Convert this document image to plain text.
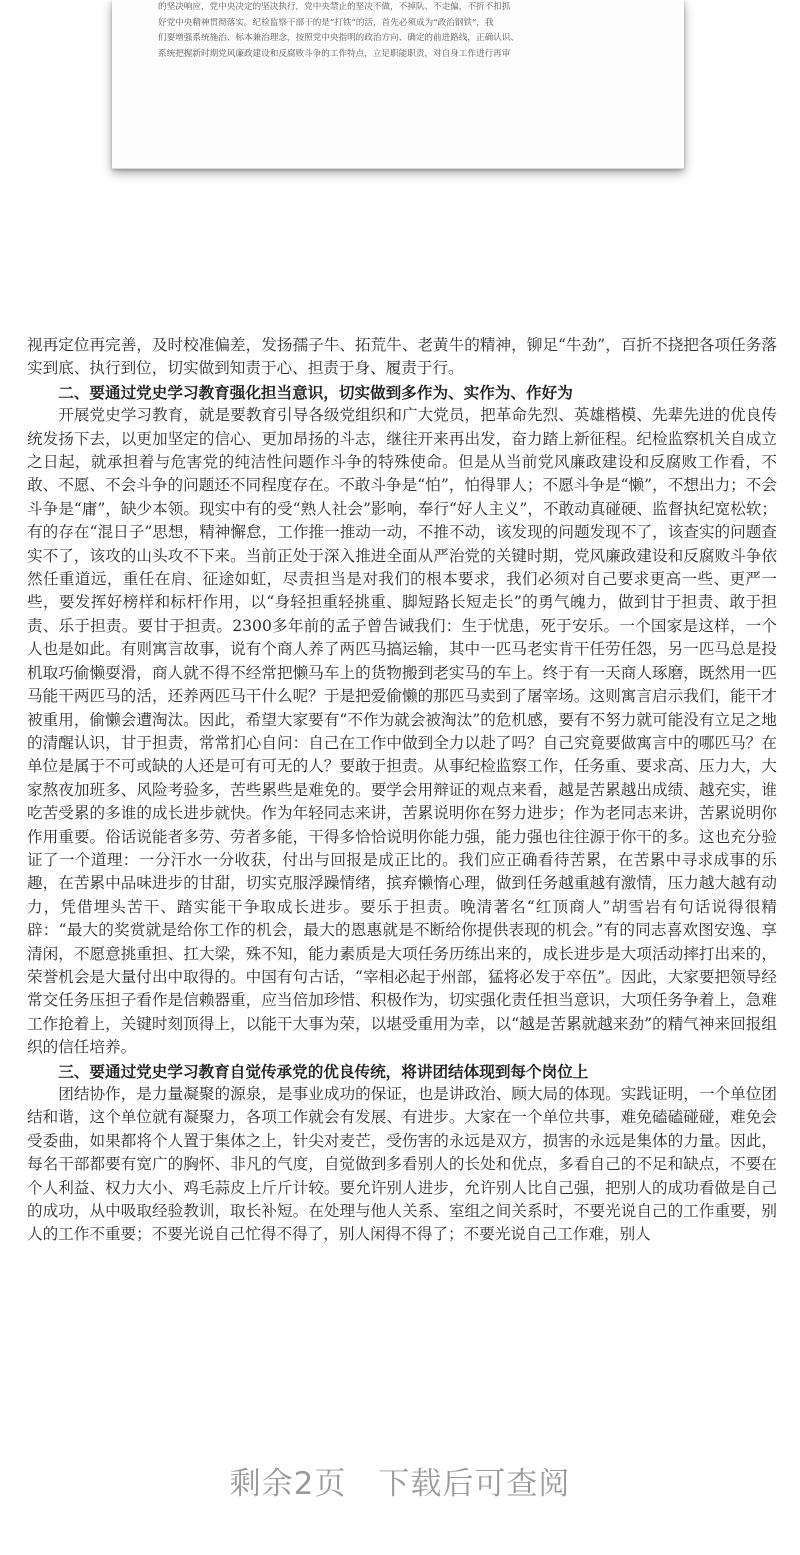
的坚决响应，党中央决定的坚决执行，党中央禁止的坚决不做，不掉队、不走偏，不折不扣抓
好党中央精神贯彻落实。纪检监察干部干的是“打铁”的活，首先必须成为“政治钢铁”，我
们要增强系统施治、标本兼治理念，按照党中央指明的政治方向、确定的前进路线，正确认识、
系统把握新时期党风廉政建设和反腐败斗争的工作特点，立足职能职责，对自身工作进行再审

视再定位再完善，及时校准偏差，发扬孺子牛、拓荒牛、老黄牛的精神，铆足“牛劲”，百折不挠把各项任务落实到底、执行到位，切实做到知责于心、担责于身、履责于行。

二、要通过党史学习教育强化担当意识，切实做到多作为、实作为、作好为

开展党史学习教育，就是要教育引导各级党组织和广大党员，把革命先烈、英雄楷模、先辈先进的优良传统发扬下去，以更加坚定的信心、更加昂扬的斗志，继往开来再出发，奋力踏上新征程。纪检监察机关自成立之日起，就承担着与危害党的纯洁性问题作斗争的特殊使命。但是从当前党风廉政建设和反腐败工作看，不敢、不愿、不会斗争的问题还不同程度存在。不敢斗争是“怕”，怕得罪人；不愿斗争是“懒”，不想出力；不会斗争是“庸”，缺少本领。现实中有的受“熟人社会”影响，奉行“好人主义”，不敢动真碰硬、监督执纪宽松软；有的存在“混日子”思想，精神懈怠，工作推一推动一动，不推不动，该发现的问题发现不了，该查实的问题查实不了，该攻的山头攻不下来。当前正处于深入推进全面从严治党的关键时期，党风廉政建设和反腐败斗争依然任重道远，重任在肩、征途如虹，尽责担当是对我们的根本要求，我们必须对自己要求更高一些、更严一些，要发挥好榜样和标杆作用，以“身轻担重轻挑重、脚短路长短走长”的勇气魄力，做到甘于担责、敢于担责、乐于担责。要甘于担责。2300多年前的孟子曾告诫我们：生于忧患，死于安乐。一个国家是这样，一个人也是如此。有则寓言故事，说有个商人养了两匹马搞运输，其中一匹马老实肯干任劳任怨，另一匹马总是投机取巧偷懒耍滑，商人就不得不经常把懒马车上的货物搬到老实马的车上。终于有一天商人琢磨，既然用一匹马能干两匹马的活，还养两匹马干什么呢？于是把爱偷懒的那匹马卖到了屠宰场。这则寓言启示我们，能干才被重用，偷懒会遭淘汰。因此，希望大家要有“不作为就会被淘汰”的危机感，要有不努力就可能没有立足之地的清醒认识，甘于担责，常常扪心自问：自己在工作中做到全力以赴了吗？自己究竟要做寓言中的哪匹马？在单位是属于不可或缺的人还是可有可无的人？要敢于担责。从事纪检监察工作，任务重、要求高、压力大，大家熬夜加班多、风险考验多，苦些累些是难免的。要学会用辩证的观点来看，越是苦累越出成绩、越充实，谁吃苦受累的多谁的成长进步就快。作为年轻同志来讲，苦累说明你在努力进步；作为老同志来讲，苦累说明你作用重要。俗话说能者多劳、劳者多能，干得多恰恰说明你能力强，能力强也往往源于你干的多。这也充分验证了一个道理：一分汗水一分收获，付出与回报是成正比的。我们应正确看待苦累，在苦累中寻求成事的乐趣，在苦累中品味进步的甘甜，切实克服浮躁情绪，摈弃懒惰心理，做到任务越重越有激情，压力越大越有动力，凭借埋头苦干、踏实能干争取成长进步。要乐于担责。晚清著名“红顶商人”胡雪岩有句话说得很精辟：“最大的奖赏就是给你工作的机会，最大的恩惠就是不断给你提供表现的机会。”有的同志喜欢图安逸、享清闲，不愿意挑重担、扛大梁，殊不知，能力素质是大项任务历练出来的，成长进步是大项活动摔打出来的，荣誉机会是大量付出中取得的。中国有句古话，“宰相必起于州部，猛将必发于卒伍”。因此，大家要把领导经常交任务压担子看作是信赖器重，应当倍加珍惜、积极作为，切实强化责任担当意识，大项任务争着上，急难工作抢着上，关键时刻顶得上，以能干大事为荣，以堪受重用为幸，以“越是苦累就越来劲”的精气神来回报组织的信任培养。

三、要通过党史学习教育自觉传承党的优良传统，将讲团结体现到每个岗位上

团结协作，是力量凝聚的源泉，是事业成功的保证，也是讲政治、顾大局的体现。实践证明，一个单位团结和谐，这个单位就有凝聚力，各项工作就会有发展、有进步。大家在一个单位共事，难免磕磕碰碰，难免会受委曲，如果都将个人置于集体之上，针尖对麦芒，受伤害的永远是双方，损害的永远是集体的力量。因此，每名干部都要有宽广的胸怀、非凡的气度，自觉做到多看别人的长处和优点，多看自己的不足和缺点，不要在个人利益、权力大小、鸡毛蒜皮上斤斤计较。要允许别人进步，允许别人比自己强，把别人的成功看做是自己的成功，从中吸取经验教训，取长补短。在处理与他人关系、室组之间关系时，不要光说自己的工作重要，别人的工作不重要；不要光说自己忙得不得了，别人闲得不得了；不要光说自己工作难，别人

剩余2页　下载后可查阅
